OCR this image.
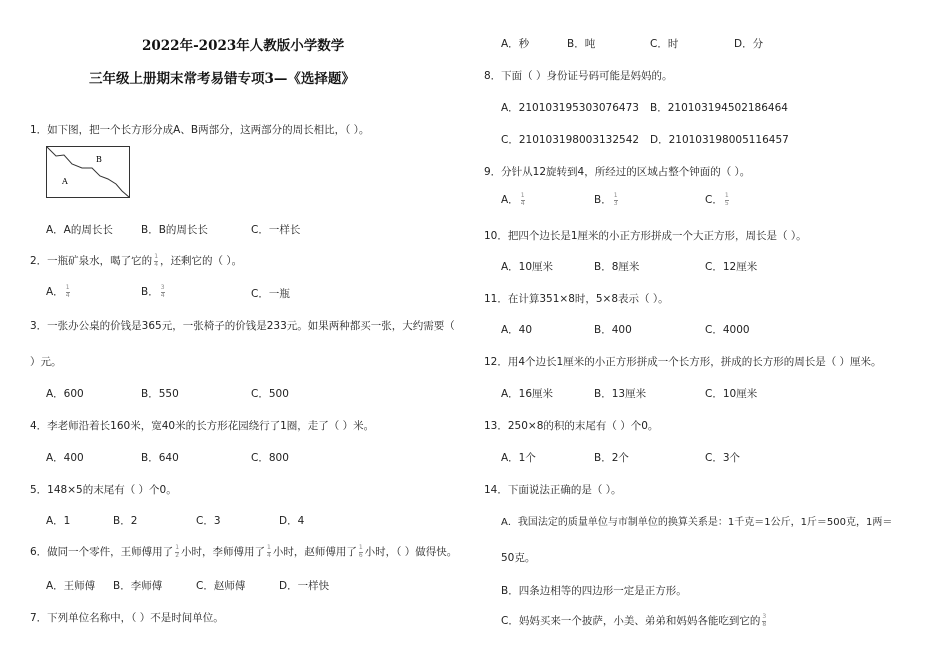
2022年-2023年人教版小学数学
三年级上册期末常考易错专项3—《选择题》
1．如下图，把一个长方形分成A、B两部分，这两部分的周长相比，（ ）。
A
B
A．A的周长长	B．B的周长长	C．一样长
2．一瓶矿泉水，喝了它的 $\frac{1}{4}$ ，还剩它的（ ）。
A． $\frac{1}{4}$	B． $\frac{3}{4}$	C．一瓶
3．一张办公桌的价钱是365元，一张椅子的价钱是233元。如果两种都买一张，大约需要（
）元。
A．600	B．550	C．500
4．李老师沿着长160米，宽40米的长方形花园绕行了1圈，走了（ ）米。
A．400	B．640	C．800
5．148×5的末尾有（ ）个0。
A．1	B．2	C．3	D．4
6．做同一个零件，王师傅用了 $\frac{1}{2}$ 小时，李师傅用了 $\frac{1}{4}$ 小时，赵师傅用了 $\frac{1}{6}$ 小时，（ ）做得快。
A．王师傅 B．李师傅	C．赵师傅	D．一样快
7．下列单位名称中，（ ）不是时间单位。
A．秒	B．吨	C．时	D．分
8．下面（ ）身份证号码可能是妈妈的。
A．210103195303076473 B．210103194502186464
C．210103198003132542 D．210103198005116457
9．分针从12旋转到4，所经过的区域占整个钟面的（ ）。
A． $\frac{1}{4}$	B． $\frac{1}{3}$	C． $\frac{1}{5}$
10．把四个边长是1厘米的小正方形拼成一个大正方形，周长是（ ）。
A．10厘米	B．8厘米	C．12厘米
11．在计算351×8时，5×8表示（ ）。
A．40	B．400	C．4000
12．用4个边长1厘米的小正方形拼成一个长方形，拼成的长方形的周长是（ ）厘米。
A．16厘米	B．13厘米	C．10厘米
13．250×8的积的末尾有（ ）个0。
A．1个	B．2个	C．3个
14．下面说法正确的是（ ）。
A．我国法定的质量单位与市制单位的换算关系是：1千克＝1公斤，1斤＝500克，1两＝
50克。
B．四条边相等的四边形一定是正方形。
C．妈妈买来一个披萨，小美、弟弟和妈妈各能吃到它的 $\frac{3}{8}$
